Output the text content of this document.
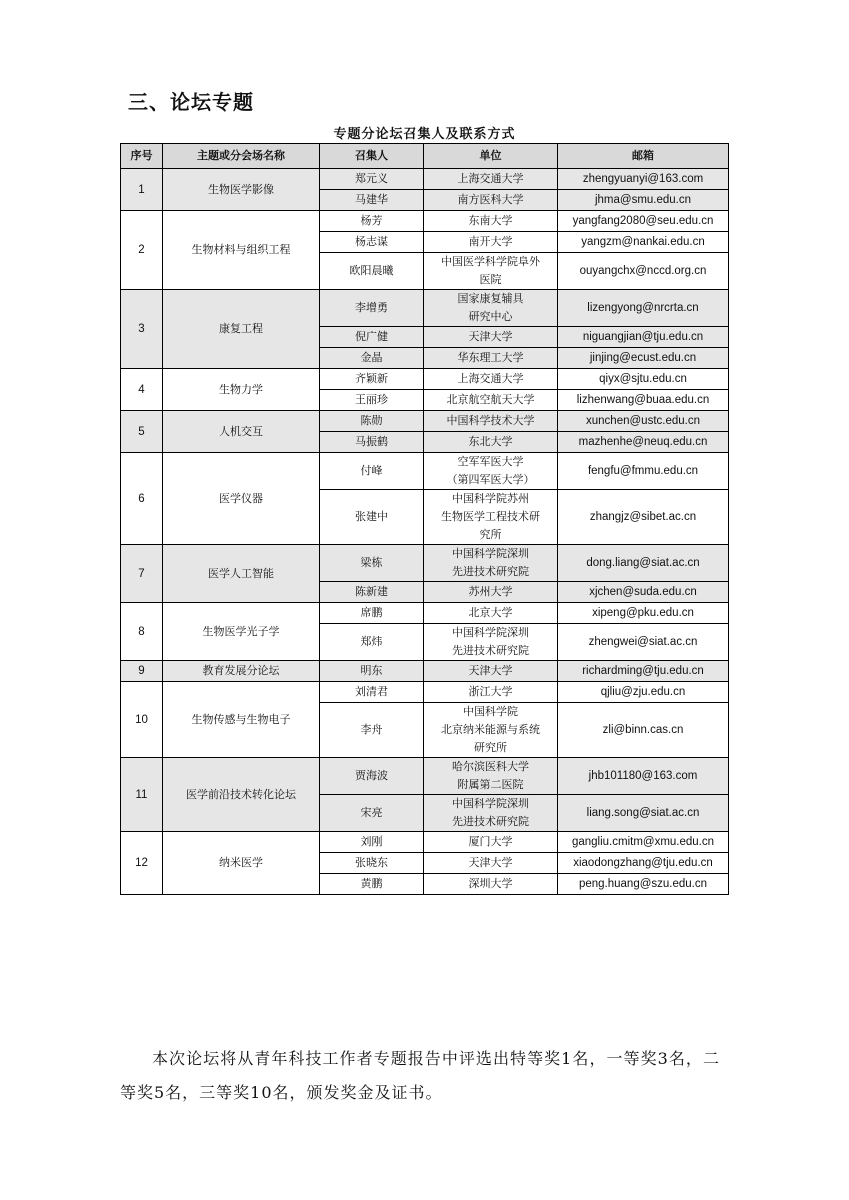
三、论坛专题
专题分论坛召集人及联系方式
序号	主题或分会场名称	召集人	单位	邮箱
1	生物医学影像	郑元义	上海交通大学	zhengyuanyi@163.com
		马建华	南方医科大学	jhma@smu.edu.cn
2	生物材料与组织工程	杨芳	东南大学	yangfang2080@seu.edu.cn
		杨志谋	南开大学	yangzm@nankai.edu.cn
		欧阳晨曦	中国医学科学院阜外
医院	ouyangchx@nccd.org.cn
3	康复工程	李增勇	国家康复辅具
研究中心	lizengyong@nrcrta.cn
		倪广健	天津大学	niguangjian@tju.edu.cn
		金晶	华东理工大学	jinjing@ecust.edu.cn
4	生物力学	齐颖新	上海交通大学	qiyx@sjtu.edu.cn
		王丽珍	北京航空航天大学	lizhenwang@buaa.edu.cn
5	人机交互	陈勋	中国科学技术大学	xunchen@ustc.edu.cn
		马振鹤	东北大学	mazhenhe@neuq.edu.cn
6	医学仪器	付峰	空军军医大学
（第四军医大学）	fengfu@fmmu.edu.cn
		张建中	中国科学院苏州
生物医学工程技术研
究所	zhangjz@sibet.ac.cn
7	医学人工智能	梁栋	中国科学院深圳
先进技术研究院	dong.liang@siat.ac.cn
		陈新建	苏州大学	xjchen@suda.edu.cn
8	生物医学光子学	席鹏	北京大学	xipeng@pku.edu.cn
		郑炜	中国科学院深圳
先进技术研究院	zhengwei@siat.ac.cn
9	教育发展分论坛	明东	天津大学	richardming@tju.edu.cn
10	生物传感与生物电子	刘清君	浙江大学	qjliu@zju.edu.cn
		李舟	中国科学院
北京纳米能源与系统
研究所	zli@binn.cas.cn
11	医学前沿技术转化论坛	贾海波	哈尔滨医科大学
附属第二医院	jhb101180@163.com
		宋亮	中国科学院深圳
先进技术研究院	liang.song@siat.ac.cn
12	纳米医学	刘刚	厦门大学	gangliu.cmitm@xmu.edu.cn
		张晓东	天津大学	xiaodongzhang@tju.edu.cn
		黄鹏	深圳大学	peng.huang@szu.edu.cn
本次论坛将从青年科技工作者专题报告中评选出特等奖1名，一等奖3名，二等奖5名，三等奖10名，颁发奖金及证书。
